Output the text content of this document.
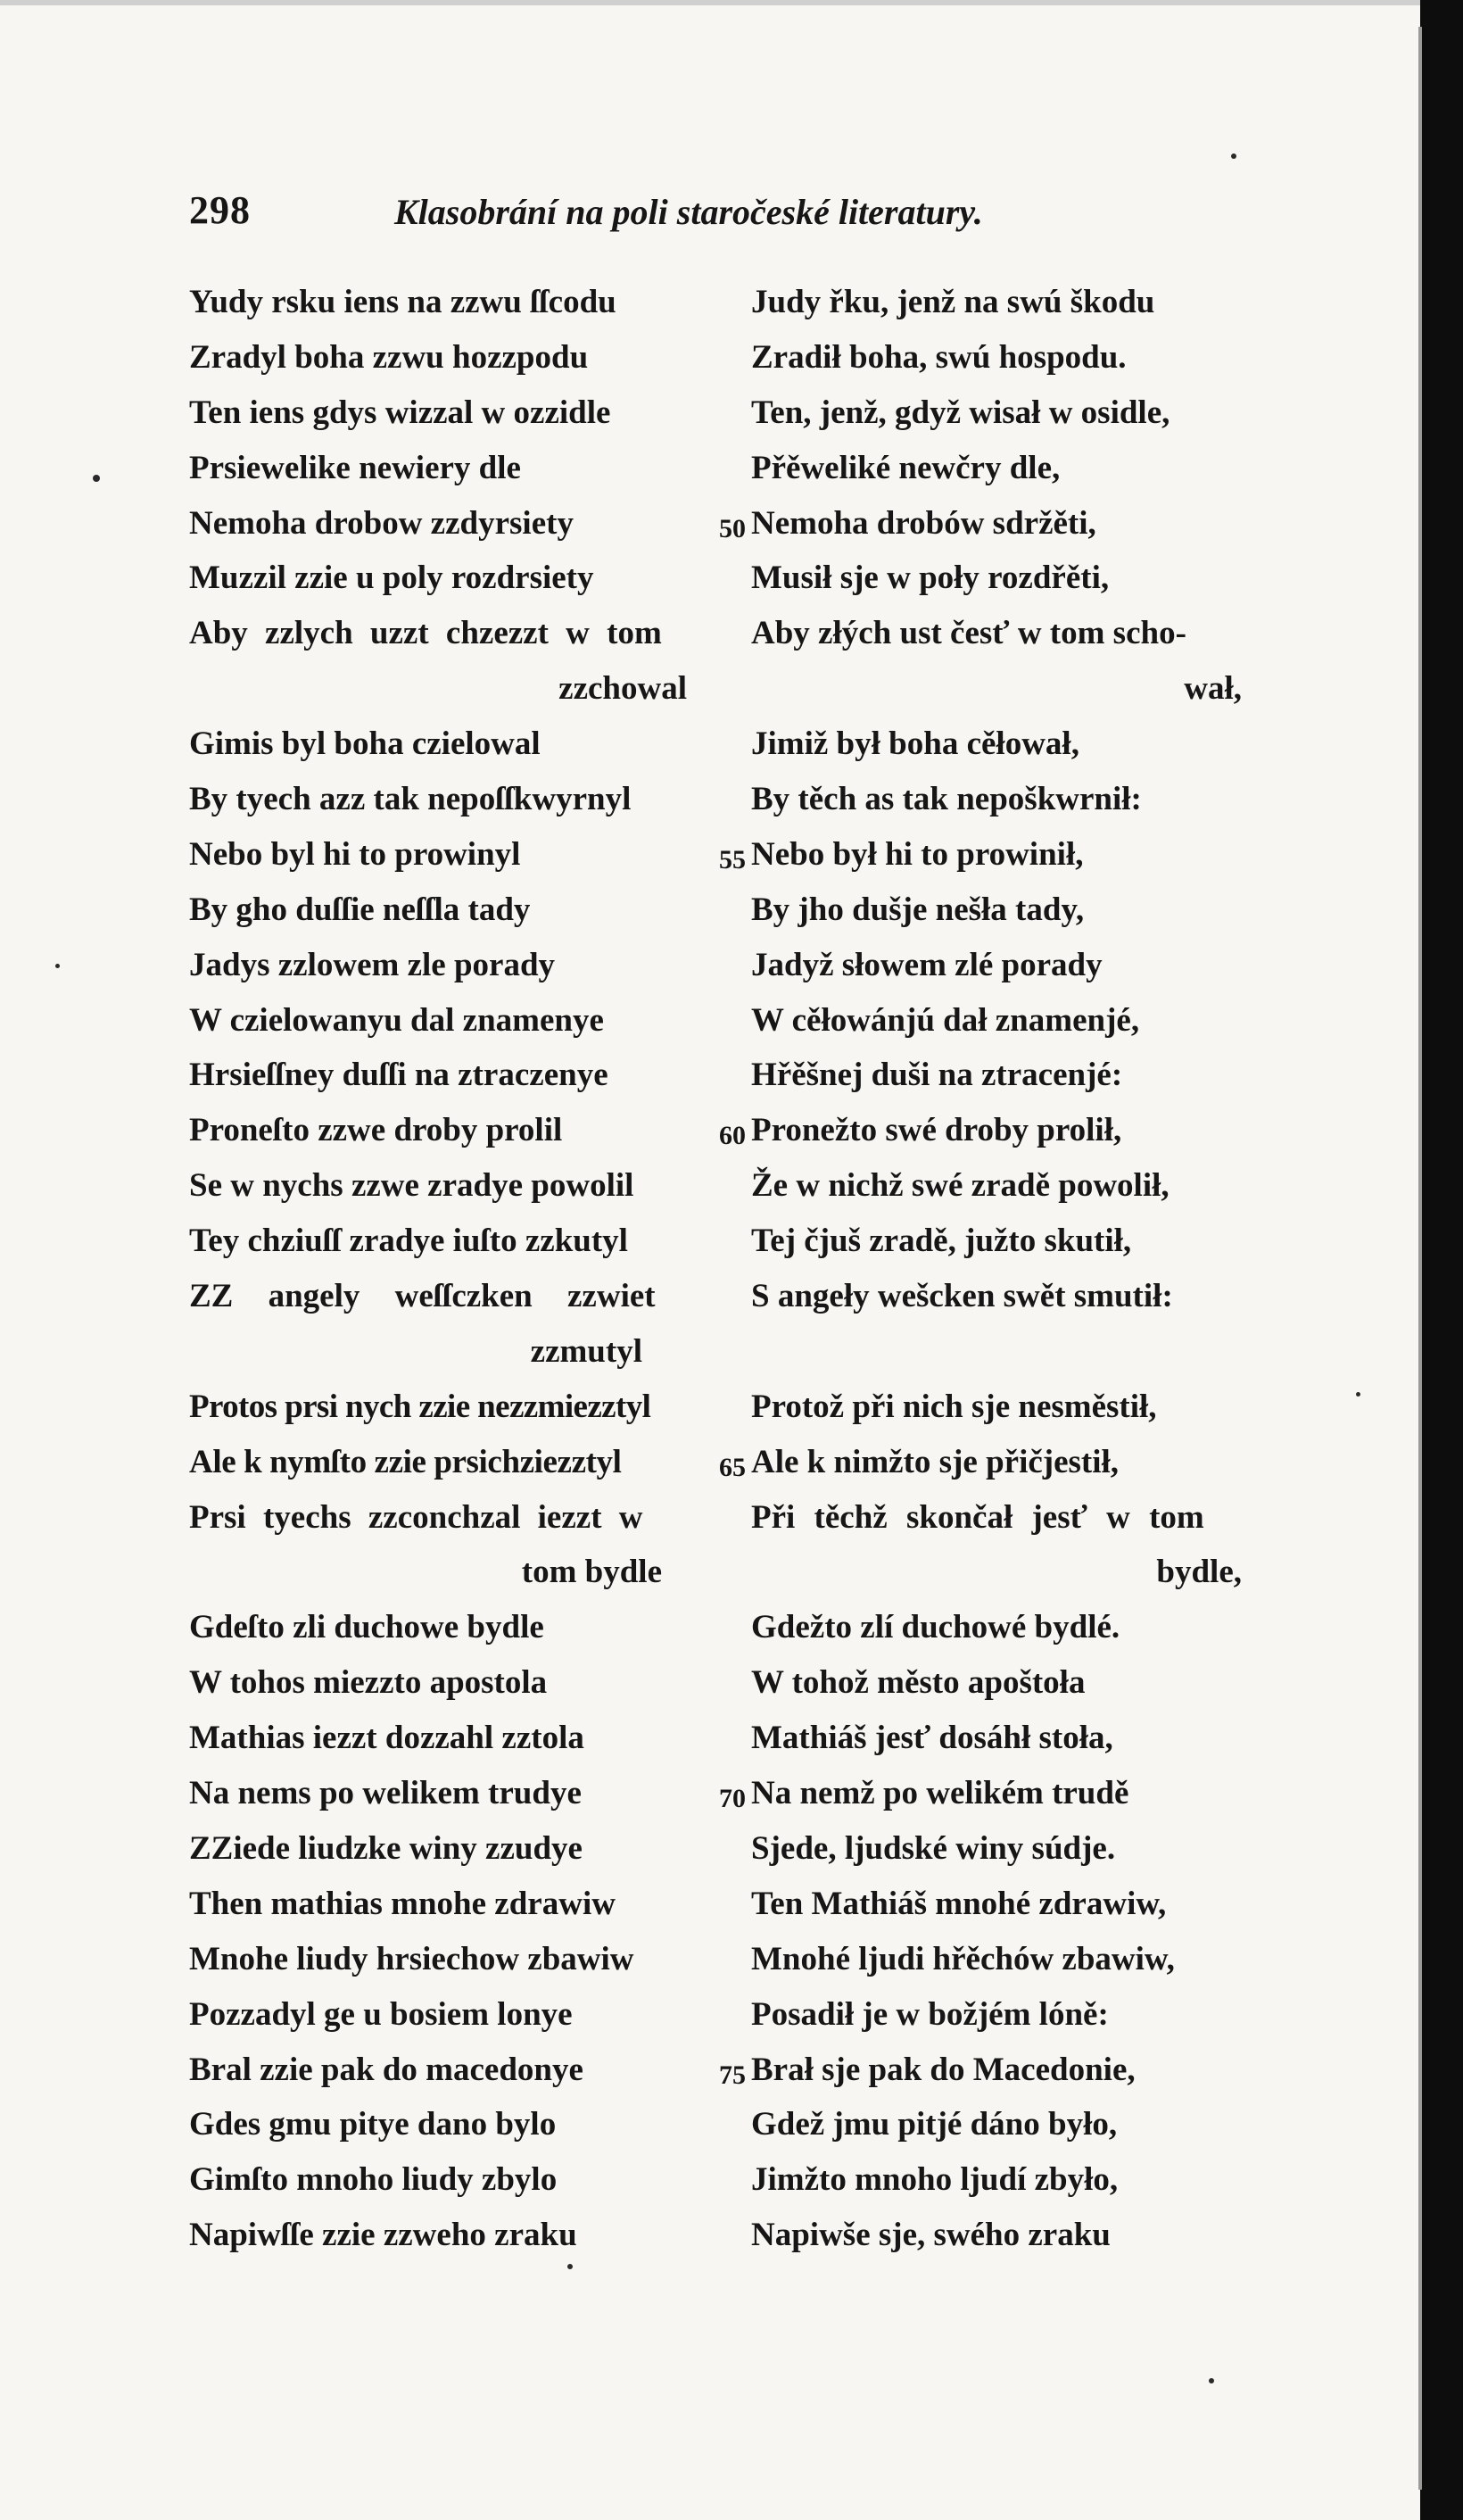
298	Klasobrání na poli staročeské literatury.
Yudy rsku iens na zzwu ſſcodu
Zradyl boha zzwu hozzpodu
Ten iens gdys wizzal w ozzidle
Prsiewelike newiery dle
Nemoha drobow zzdyrsiety
Muzzil zzie u poly rozdrsiety
Aby zzlych uzzt chzezzt w tom
zzchowal
Gimis byl boha czielowal
By tyech azz tak nepoſſkwyrnyl
Nebo byl hi to prowinyl
By gho duſſie neſſla tady
Jadys zzlowem zle porady
W czielowanyu dal znamenye
Hrsieſſney duſſi na ztraczenye
Proneſto zzwe droby prolil
Se w nychs zzwe zradye powolil
Tey chziuſſ zradye iuſto zzkutyl
ZZ angely weſſczken zzwiet
zzmutyl
Protos prsi nych zzie nezzmiezztyl
Ale k nymſto zzie prsichziezztyl
Prsi tyechs zzconchzal iezzt w
tom bydle
Gdeſto zli duchowe bydle
W tohos miezzto apostola
Mathias iezzt dozzahl zztola
Na nems po welikem trudye
ZZiede liudzke winy zzudye
Then mathias mnohe zdrawiw
Mnohe liudy hrsiechow zbawiw
Pozzadyl ge u bosiem lonye
Bral zzie pak do macedonye
Gdes gmu pitye dano bylo
Gimſto mnoho liudy zbylo
Napiwſſe zzie zzweho zraku
50
55
60
65
70
75
Judy řku, jenž na swú škodu
Zradił boha, swú hospodu.
Ten, jenž, gdyž wisał w osidle,
Přěweliké newčry dle,
Nemoha drobów sdržěti,
Musił sje w połу rozdřěti,
Aby złých ust česť w tom scho-
wał,
Jimiž był boha cěłował,
By těch as tak nepoškwrnił:
Nebo był hi to prowinił,
By jho dušje nešła tady,
Jadyž słowem zlé porady
W cěłowánjú dał znamenjé,
Hřěšnej duši na ztracenjé:
Pronežto swé droby prolił,
Že w nichž swé zradě powolił,
Tej čjuš zradě, južto skutił,
S angeły wešcken swět smutił:
Protož při nich sje nesměstił,
Ale k nimžto sje přičjestił,
Při těchž skončał jesť w tom
bydle,
Gdežto zlí duchowé bydlé.
W tohož město apoštoła
Mathiáš jesť dosáhł stoła,
Na nemž po welikém trudě
Sjede, ljudské winy súdje.
Ten Mathiáš mnohé zdrawiw,
Mnohé ljudi hřěchów zbawiw,
Posadił je w božjém lóně:
Brał sje pak do Macedonie,
Gdež jmu pitjé dáno było,
Jimžto mnoho ljudí zbyło,
Napiwše sje, swého zraku
